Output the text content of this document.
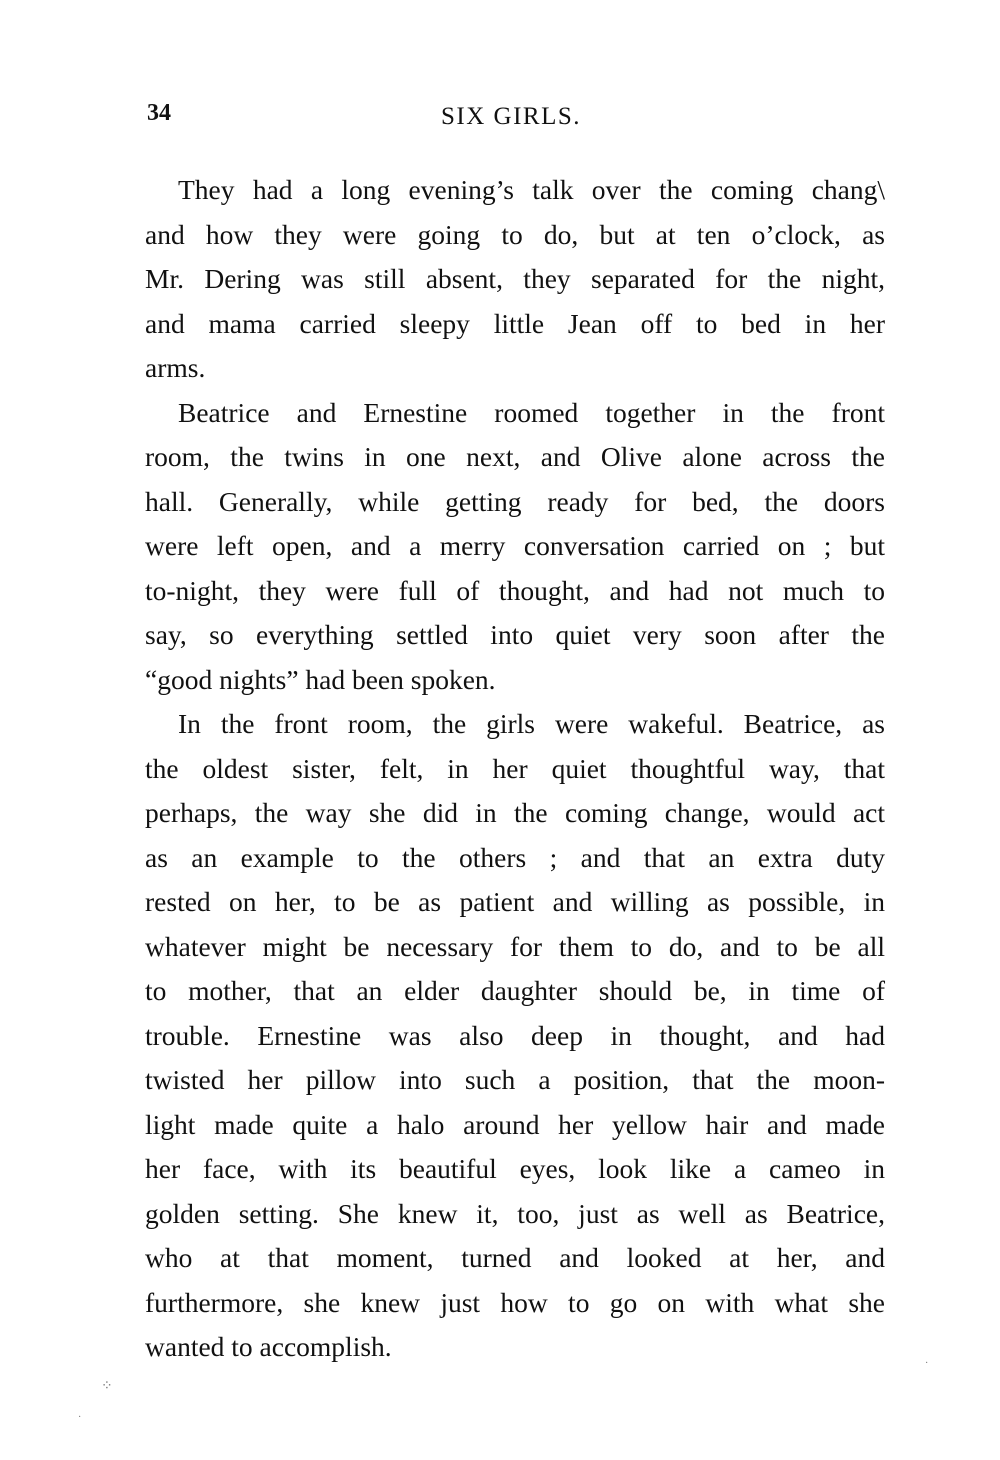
34	SIX GIRLS.
They had a long evening’s talk over the coming chang\
and how they were going to do, but at ten o’clock, as
Mr. Dering was still absent, they separated for the night,
and mama carried sleepy little Jean off to bed in her
arms.
Beatrice and Ernestine roomed together in the front
room, the twins in one next, and Olive alone across the
hall. Generally, while getting ready for bed, the doors
were left open, and a merry conversation carried on ; but
to-night, they were full of thought, and had not much to
say, so everything settled into quiet very soon after the
“good nights” had been spoken.
In the front room, the girls were wakeful. Beatrice, as
the oldest sister, felt, in her quiet thoughtful way, that
perhaps, the way she did in the coming change, would act
as an example to the others ; and that an extra duty
rested on her, to be as patient and willing as possible, in
whatever might be necessary for them to do, and to be all
to mother, that an elder daughter should be, in time of
trouble. Ernestine was also deep in thought, and had
twisted her pillow into such a position, that the moon-
light made quite a halo around her yellow hair and made
her face, with its beautiful eyes, look like a cameo in
golden setting. She knew it, too, just as well as Beatrice,
who at that moment, turned and looked at her, and
furthermore, she knew just how to go on with what she
wanted to accomplish.
⁘
·
·
